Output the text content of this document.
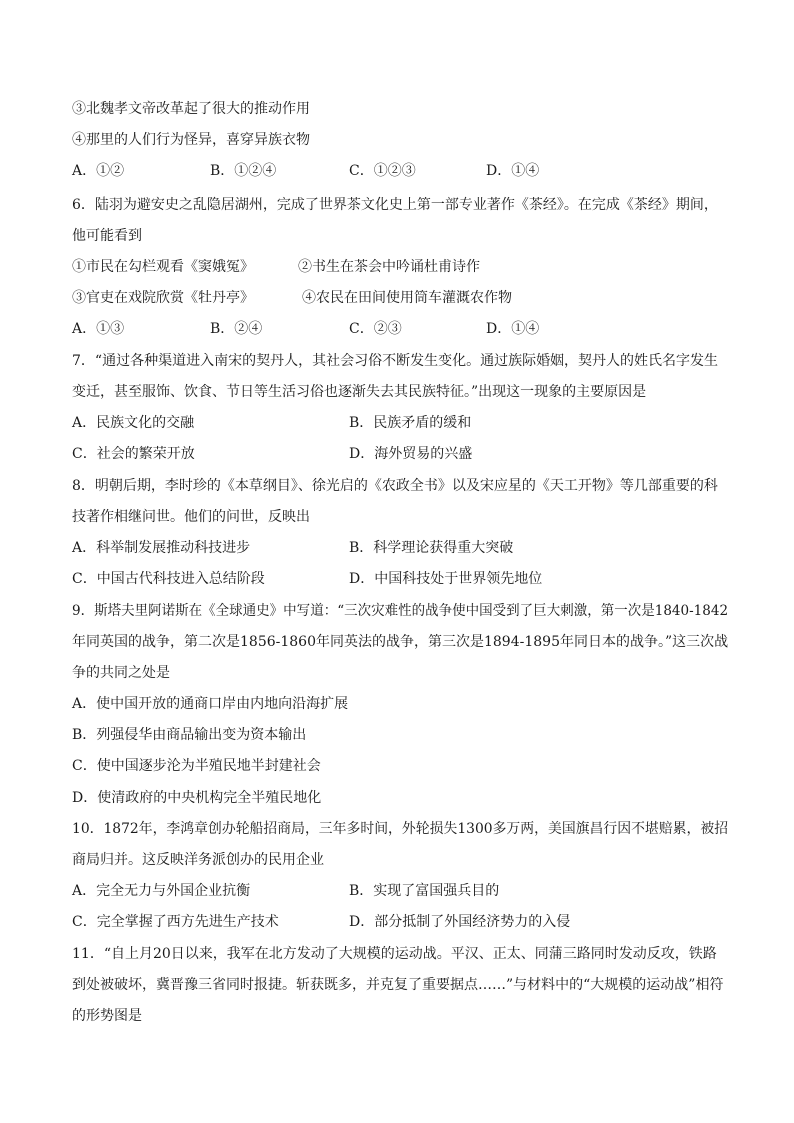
③北魏孝文帝改革起了很大的推动作用
④那里的人们行为怪异，喜穿异族衣物
A．①②	B．①②④	C．①②③	D．①④
6．陆羽为避安史之乱隐居湖州，完成了世界茶文化史上第一部专业著作《茶经》。在完成《茶经》期间，
他可能看到
①市民在勾栏观看《窦娥冤》	②书生在茶会中吟诵杜甫诗作
③官吏在戏院欣赏《牡丹亭》	④农民在田间使用筒车灌溉农作物
A．①③	B．②④	C．②③	D．①④
7．“通过各种渠道进入南宋的契丹人，其社会习俗不断发生变化。通过族际婚姻，契丹人的姓氏名字发生
变迁，甚至服饰、饮食、节日等生活习俗也逐渐失去其民族特征。”出现这一现象的主要原因是
A．民族文化的交融	B．民族矛盾的缓和
C．社会的繁荣开放	D．海外贸易的兴盛
8．明朝后期，李时珍的《本草纲目》、徐光启的《农政全书》以及宋应星的《天工开物》等几部重要的科
技著作相继问世。他们的问世，反映出
A．科举制发展推动科技进步	B．科学理论获得重大突破
C．中国古代科技进入总结阶段	D．中国科技处于世界领先地位
9．斯塔夫里阿诺斯在《全球通史》中写道：“三次灾难性的战争使中国受到了巨大刺激，第一次是1840-1842
年同英国的战争，第二次是1856-1860年同英法的战争，第三次是1894-1895年同日本的战争。”这三次战
争的共同之处是
A．使中国开放的通商口岸由内地向沿海扩展
B．列强侵华由商品输出变为资本输出
C．使中国逐步沦为半殖民地半封建社会
D．使清政府的中央机构完全半殖民地化
10．1872年，李鸿章创办轮船招商局，三年多时间，外轮损失1300多万两，美国旗昌行因不堪赔累，被招
商局归并。这反映洋务派创办的民用企业
A．完全无力与外国企业抗衡	B．实现了富国强兵目的
C．完全掌握了西方先进生产技术	D．部分抵制了外国经济势力的入侵
11．“自上月20日以来，我军在北方发动了大规模的运动战。平汉、正太、同蒲三路同时发动反攻，铁路
到处被破坏，冀晋豫三省同时报捷。斩获既多，并克复了重要据点……”与材料中的“大规模的运动战”相符
的形势图是
